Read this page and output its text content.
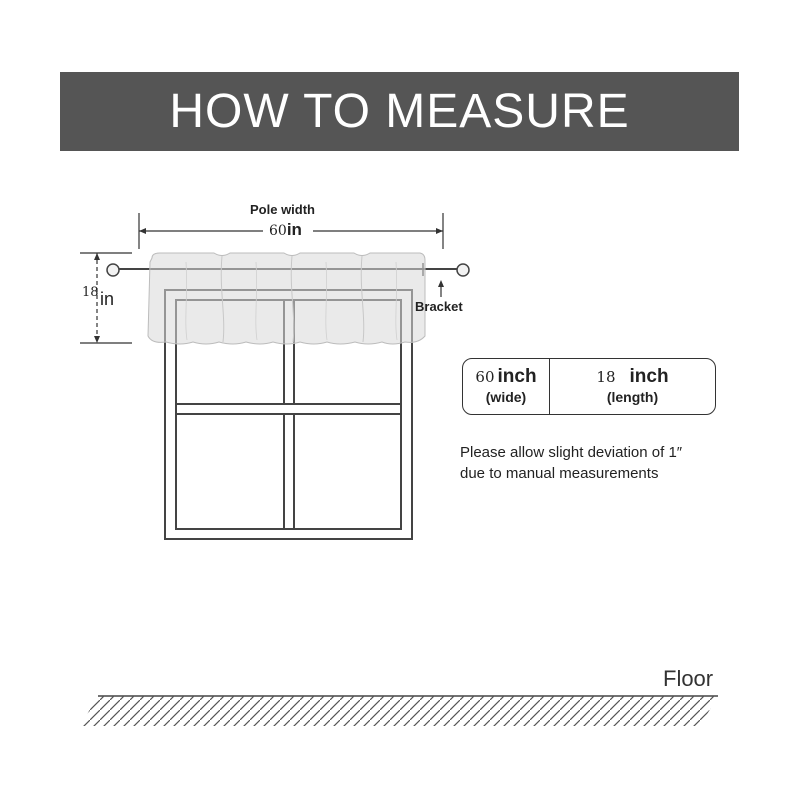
HOW TO MEASURE
Pole width
60in
18 in	Bracket
60 inch
(wide)
18 inch
(length)
Please allow slight deviation of 1″
due to manual measurements
Floor
